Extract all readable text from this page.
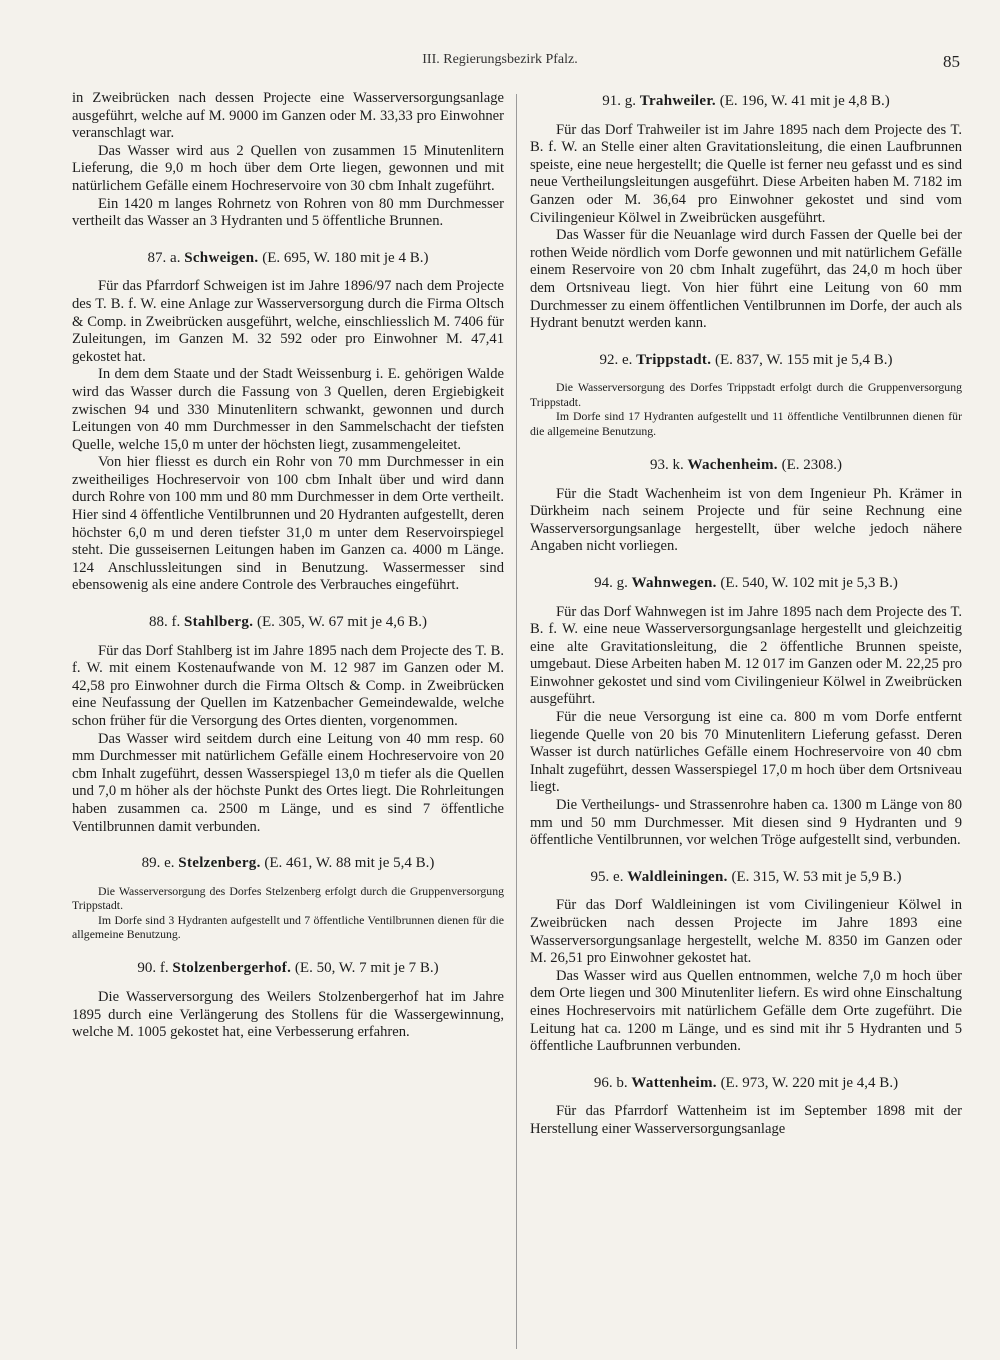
III. Regierungsbezirk Pfalz.	85

in Zweibrücken nach dessen Projecte eine Wasserversorgungsanlage ausgeführt, welche auf M. 9000 im Ganzen oder M. 33,33 pro Einwohner veranschlagt war.

Das Wasser wird aus 2 Quellen von zusammen 15 Minutenlitern Lieferung, die 9,0 m hoch über dem Orte liegen, gewonnen und mit natürlichem Gefälle einem Hochreservoire von 30 cbm Inhalt zugeführt.

Ein 1420 m langes Rohrnetz von Rohren von 80 mm Durchmesser vertheilt das Wasser an 3 Hydranten und 5 öffentliche Brunnen.

87. a. Schweigen. (E. 695, W. 180 mit je 4 B.)

Für das Pfarrdorf Schweigen ist im Jahre 1896/97 nach dem Projecte des T. B. f. W. eine Anlage zur Wasserversorgung durch die Firma Oltsch & Comp. in Zweibrücken ausgeführt, welche, einschliesslich M. 7406 für Zuleitungen, im Ganzen M. 32 592 oder pro Einwohner M. 47,41 gekostet hat.

In dem dem Staate und der Stadt Weissenburg i. E. gehörigen Walde wird das Wasser durch die Fassung von 3 Quellen, deren Ergiebigkeit zwischen 94 und 330 Minutenlitern schwankt, gewonnen und durch Leitungen von 40 mm Durchmesser in den Sammelschacht der tiefsten Quelle, welche 15,0 m unter der höchsten liegt, zusammengeleitet.

Von hier fliesst es durch ein Rohr von 70 mm Durchmesser in ein zweitheiliges Hochreservoir von 100 cbm Inhalt über und wird dann durch Rohre von 100 mm und 80 mm Durchmesser in dem Orte vertheilt. Hier sind 4 öffentliche Ventilbrunnen und 20 Hydranten aufgestellt, deren höchster 6,0 m und deren tiefster 31,0 m unter dem Reservoirspiegel steht. Die gusseisernen Leitungen haben im Ganzen ca. 4000 m Länge. 124 Anschlussleitungen sind in Benutzung. Wassermesser sind ebensowenig als eine andere Controle des Verbrauches eingeführt.

88. f. Stahlberg. (E. 305, W. 67 mit je 4,6 B.)

Für das Dorf Stahlberg ist im Jahre 1895 nach dem Projecte des T. B. f. W. mit einem Kostenaufwande von M. 12 987 im Ganzen oder M. 42,58 pro Einwohner durch die Firma Oltsch & Comp. in Zweibrücken eine Neufassung der Quellen im Katzenbacher Gemeindewalde, welche schon früher für die Versorgung des Ortes dienten, vorgenommen.

Das Wasser wird seitdem durch eine Leitung von 40 mm resp. 60 mm Durchmesser mit natürlichem Gefälle einem Hochreservoire von 20 cbm Inhalt zugeführt, dessen Wasserspiegel 13,0 m tiefer als die Quellen und 7,0 m höher als der höchste Punkt des Ortes liegt. Die Rohrleitungen haben zusammen ca. 2500 m Länge, und es sind 7 öffentliche Ventilbrunnen damit verbunden.

89. e. Stelzenberg. (E. 461, W. 88 mit je 5,4 B.)

Die Wasserversorgung des Dorfes Stelzenberg erfolgt durch die Gruppenversorgung Trippstadt.

Im Dorfe sind 3 Hydranten aufgestellt und 7 öffentliche Ventilbrunnen dienen für die allgemeine Benutzung.

90. f. Stolzenbergerhof. (E. 50, W. 7 mit je 7 B.)

Die Wasserversorgung des Weilers Stolzenbergerhof hat im Jahre 1895 durch eine Verlängerung des Stollens für die Wassergewinnung, welche M. 1005 gekostet hat, eine Verbesserung erfahren.

91. g. Trahweiler. (E. 196, W. 41 mit je 4,8 B.)

Für das Dorf Trahweiler ist im Jahre 1895 nach dem Projecte des T. B. f. W. an Stelle einer alten Gravitationsleitung, die einen Laufbrunnen speiste, eine neue hergestellt; die Quelle ist ferner neu gefasst und es sind neue Vertheilungsleitungen ausgeführt. Diese Arbeiten haben M. 7182 im Ganzen oder M. 36,64 pro Einwohner gekostet und sind vom Civilingenieur Kölwel in Zweibrücken ausgeführt.

Das Wasser für die Neuanlage wird durch Fassen der Quelle bei der rothen Weide nördlich vom Dorfe gewonnen und mit natürlichem Gefälle einem Reservoire von 20 cbm Inhalt zugeführt, das 24,0 m hoch über dem Ortsniveau liegt. Von hier führt eine Leitung von 60 mm Durchmesser zu einem öffentlichen Ventilbrunnen im Dorfe, der auch als Hydrant benutzt werden kann.

92. e. Trippstadt. (E. 837, W. 155 mit je 5,4 B.)

Die Wasserversorgung des Dorfes Trippstadt erfolgt durch die Gruppenversorgung Trippstadt.

Im Dorfe sind 17 Hydranten aufgestellt und 11 öffentliche Ventilbrunnen dienen für die allgemeine Benutzung.

93. k. Wachenheim. (E. 2308.)

Für die Stadt Wachenheim ist von dem Ingenieur Ph. Krämer in Dürkheim nach seinem Projecte und für seine Rechnung eine Wasserversorgungsanlage hergestellt, über welche jedoch nähere Angaben nicht vorliegen.

94. g. Wahnwegen. (E. 540, W. 102 mit je 5,3 B.)

Für das Dorf Wahnwegen ist im Jahre 1895 nach dem Projecte des T. B. f. W. eine neue Wasserversorgungsanlage hergestellt und gleichzeitig eine alte Gravitationsleitung, die 2 öffentliche Brunnen speiste, umgebaut. Diese Arbeiten haben M. 12 017 im Ganzen oder M. 22,25 pro Einwohner gekostet und sind vom Civilingenieur Kölwel in Zweibrücken ausgeführt.

Für die neue Versorgung ist eine ca. 800 m vom Dorfe entfernt liegende Quelle von 20 bis 70 Minutenlitern Lieferung gefasst. Deren Wasser ist durch natürliches Gefälle einem Hochreservoire von 40 cbm Inhalt zugeführt, dessen Wasserspiegel 17,0 m hoch über dem Ortsniveau liegt.

Die Vertheilungs- und Strassenrohre haben ca. 1300 m Länge von 80 mm und 50 mm Durchmesser. Mit diesen sind 9 Hydranten und 9 öffentliche Ventilbrunnen, vor welchen Tröge aufgestellt sind, verbunden.

95. e. Waldleiningen. (E. 315, W. 53 mit je 5,9 B.)

Für das Dorf Waldleiningen ist vom Civilingenieur Kölwel in Zweibrücken nach dessen Projecte im Jahre 1893 eine Wasserversorgungsanlage hergestellt, welche M. 8350 im Ganzen oder M. 26,51 pro Einwohner gekostet hat.

Das Wasser wird aus Quellen entnommen, welche 7,0 m hoch über dem Orte liegen und 300 Minutenliter liefern. Es wird ohne Einschaltung eines Hochreservoirs mit natürlichem Gefälle dem Orte zugeführt. Die Leitung hat ca. 1200 m Länge, und es sind mit ihr 5 Hydranten und 5 öffentliche Laufbrunnen verbunden.

96. b. Wattenheim. (E. 973, W. 220 mit je 4,4 B.)

Für das Pfarrdorf Wattenheim ist im September 1898 mit der Herstellung einer Wasserversorgungsanlage
